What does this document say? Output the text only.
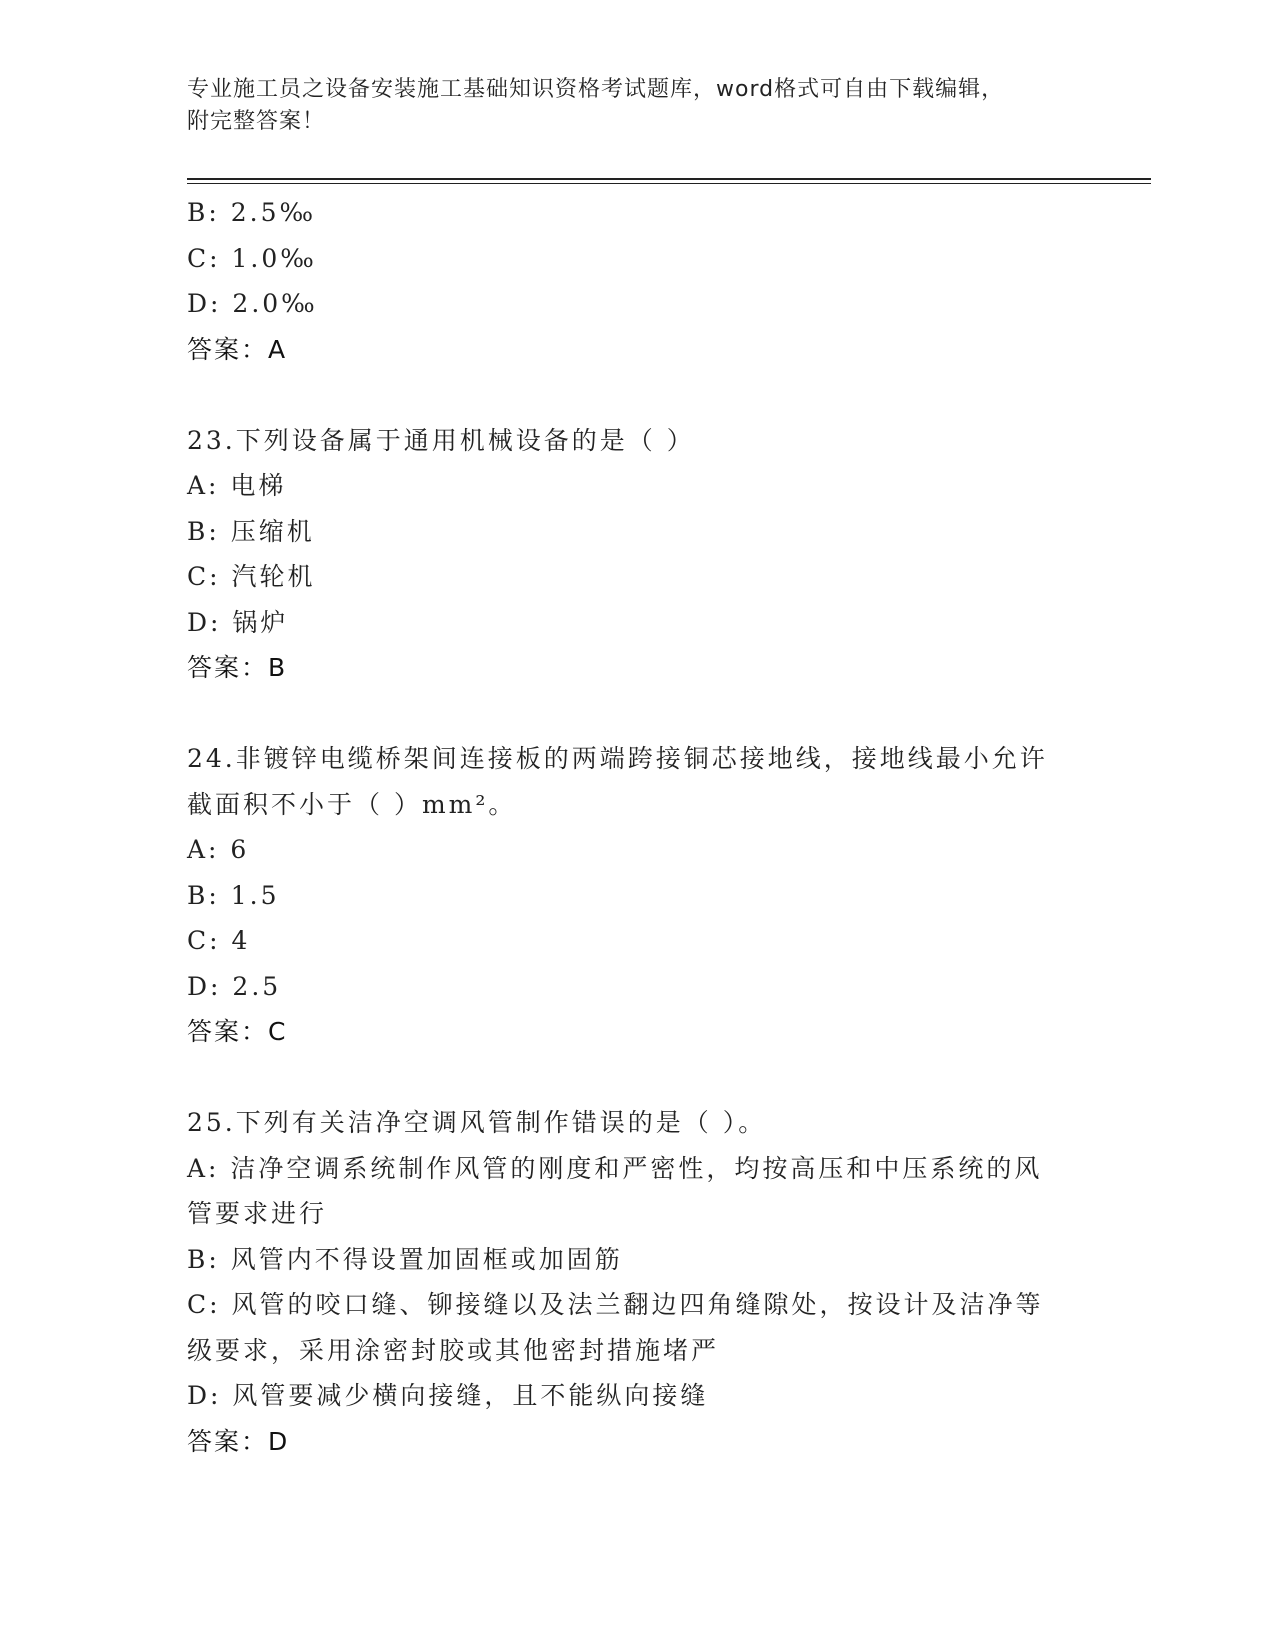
专业施工员之设备安装施工基础知识资格考试题库，word格式可自由下载编辑，
附完整答案！
B: 2.5‰
C: 1.0‰
D: 2.0‰
答案：A
23.下列设备属于通用机械设备的是（ ）
A: 电梯
B: 压缩机
C: 汽轮机
D: 锅炉
答案：B
24.非镀锌电缆桥架间连接板的两端跨接铜芯接地线，接地线最小允许
截面积不小于（ ）mm²。
A: 6
B: 1.5
C: 4
D: 2.5
答案：C
25.下列有关洁净空调风管制作错误的是（ ）。
A: 洁净空调系统制作风管的刚度和严密性，均按高压和中压系统的风
管要求进行
B: 风管内不得设置加固框或加固筋
C: 风管的咬口缝、铆接缝以及法兰翻边四角缝隙处，按设计及洁净等
级要求，采用涂密封胶或其他密封措施堵严
D: 风管要减少横向接缝，且不能纵向接缝
答案：D
